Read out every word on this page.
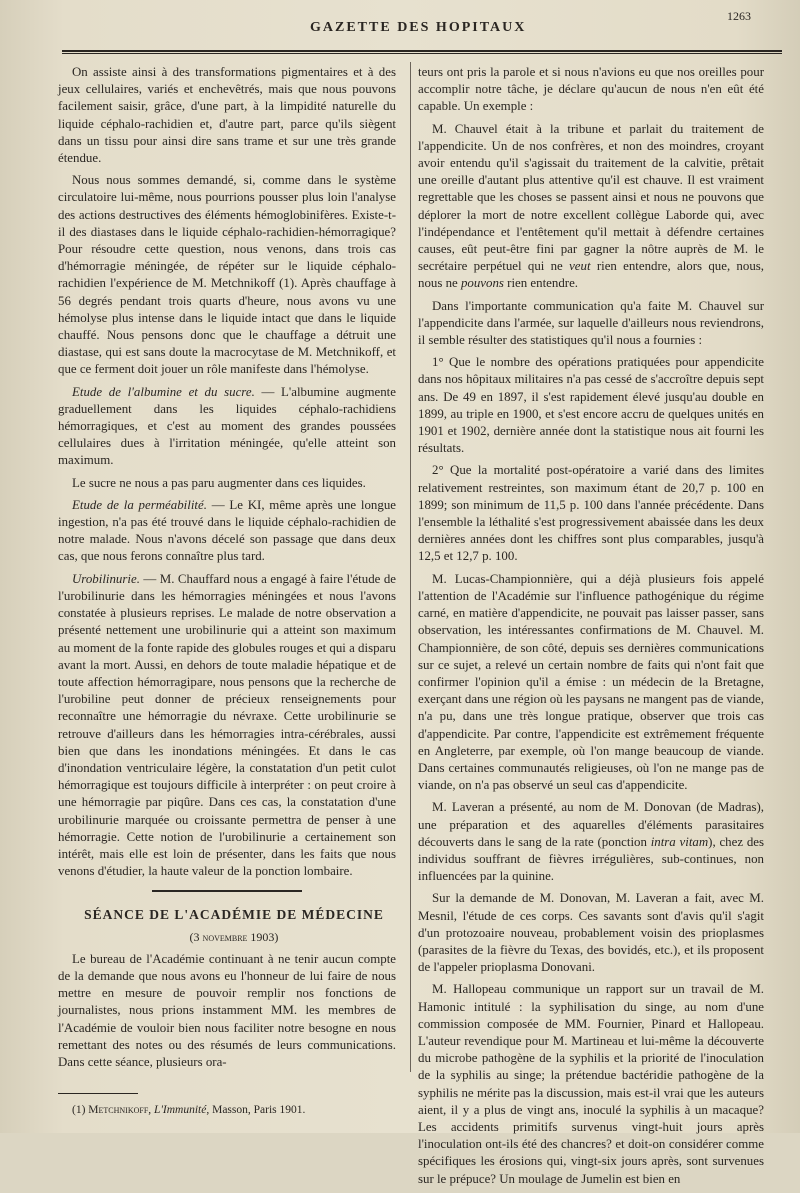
GAZETTE DES HOPITAUX
1263

On assiste ainsi à des transformations pigmentaires et à des jeux cellulaires, variés et enchevêtrés, mais que nous pouvons facilement saisir, grâce, d'une part, à la limpidité naturelle du liquide céphalo-rachidien et, d'autre part, parce qu'ils siègent dans un tissu pour ainsi dire sans trame et sur une très grande étendue.

Nous nous sommes demandé, si, comme dans le système circulatoire lui-même, nous pourrions pousser plus loin l'analyse des actions destructives des éléments hémoglobinifères. Existe-t-il des diastases dans le liquide céphalo-rachidien-hémorragique? Pour résoudre cette question, nous venons, dans trois cas d'hémorragie méningée, de répéter sur le liquide céphalo-rachidien l'expérience de M. Metchnikoff (1). Après chauffage à 56 degrés pendant trois quarts d'heure, nous avons vu une hémolyse plus intense dans le liquide intact que dans le liquide chauffé. Nous pensons donc que le chauffage a détruit une diastase, qui est sans doute la macrocytase de M. Metchnikoff, et que ce ferment doit jouer un rôle manifeste dans l'hémolyse.

Etude de l'albumine et du sucre. — L'albumine augmente graduellement dans les liquides céphalo-rachidiens hémorragiques, et c'est au moment des grandes poussées cellulaires dues à l'irritation méningée, qu'elle atteint son maximum.

Le sucre ne nous a pas paru augmenter dans ces liquides.

Etude de la perméabilité. — Le KI, même après une longue ingestion, n'a pas été trouvé dans le liquide céphalo-rachidien de notre malade. Nous n'avons décelé son passage que dans deux cas, que nous ferons connaître plus tard.

Urobilinurie. — M. Chauffard nous a engagé à faire l'étude de l'urobilinurie dans les hémorragies méningées et nous l'avons constatée à plusieurs reprises. Le malade de notre observation a présenté nettement une urobilinurie qui a atteint son maximum au moment de la fonte rapide des globules rouges et qui a disparu avant la mort. Aussi, en dehors de toute maladie hépatique et de toute affection hémorragipare, nous pensons que la recherche de l'urobiline peut donner de précieux renseignements pour reconnaître une hémorragie du névraxe. Cette urobilinurie se retrouve d'ailleurs dans les hémorragies intra-cérébrales, aussi bien que dans les inondations méningées. Et dans le cas d'inondation ventriculaire légère, la constatation d'un petit culot hémorragique est toujours difficile à interpréter : on peut croire à une hémorragie par piqûre. Dans ces cas, la constatation d'une urobilinurie marquée ou croissante permettra de penser à une hémorragie. Cette notion de l'urobilinurie a certainement son intérêt, mais elle est loin de présenter, dans les faits que nous venons d'étudier, la haute valeur de la ponction lombaire.

SÉANCE DE L'ACADÉMIE DE MÉDECINE

(3 novembre 1903)

Le bureau de l'Académie continuant à ne tenir aucun compte de la demande que nous avons eu l'honneur de lui faire de nous mettre en mesure de pouvoir remplir nos fonctions de journalistes, nous prions instamment MM. les membres de l'Académie de vouloir bien nous faciliter notre besogne en nous remettant des notes ou des résumés de leurs communications. Dans cette séance, plusieurs ora-

(1) Metchnikoff, L'Immunité, Masson, Paris 1901.

teurs ont pris la parole et si nous n'avions eu que nos oreilles pour accomplir notre tâche, je déclare qu'aucun de nous n'en eût été capable. Un exemple :

M. Chauvel était à la tribune et parlait du traitement de l'appendicite. Un de nos confrères, et non des moindres, croyant avoir entendu qu'il s'agissait du traitement de la calvitie, prêtait une oreille d'autant plus attentive qu'il est chauve. Il est vraiment regrettable que les choses se passent ainsi et nous ne pouvons que déplorer la mort de notre excellent collègue Laborde qui, avec l'indépendance et l'entêtement qu'il mettait à défendre certaines causes, eût peut-être fini par gagner la nôtre auprès de M. le secrétaire perpétuel qui ne veut rien entendre, alors que, nous, nous ne pouvons rien entendre.

Dans l'importante communication qu'a faite M. Chauvel sur l'appendicite dans l'armée, sur laquelle d'ailleurs nous reviendrons, il semble résulter des statistiques qu'il nous a fournies :

1° Que le nombre des opérations pratiquées pour appendicite dans nos hôpitaux militaires n'a pas cessé de s'accroître depuis sept ans. De 49 en 1897, il s'est rapidement élevé jusqu'au double en 1899, au triple en 1900, et s'est encore accru de quelques unités en 1901 et 1902, dernière année dont la statistique nous ait fourni les résultats.

2° Que la mortalité post-opératoire a varié dans des limites relativement restreintes, son maximum étant de 20,7 p. 100 en 1899; son minimum de 11,5 p. 100 dans l'année précédente. Dans l'ensemble la léthalité s'est progressivement abaissée dans les deux dernières années dont les chiffres sont plus comparables, jusqu'à 12,5 et 12,7 p. 100.

M. Lucas-Championnière, qui a déjà plusieurs fois appelé l'attention de l'Académie sur l'influence pathogénique du régime carné, en matière d'appendicite, ne pouvait pas laisser passer, sans observation, les intéressantes confirmations de M. Chauvel. M. Championnière, de son côté, depuis ses dernières communications sur ce sujet, a relevé un certain nombre de faits qui n'ont fait que confirmer l'opinion qu'il a émise : un médecin de la Bretagne, exerçant dans une région où les paysans ne mangent pas de viande, n'a pu, dans une très longue pratique, observer que trois cas d'appendicite. Par contre, l'appendicite est extrêmement fréquente en Angleterre, par exemple, où l'on mange beaucoup de viande. Dans certaines communautés religieuses, où l'on ne mange pas de viande, on n'a pas observé un seul cas d'appendicite.

M. Laveran a présenté, au nom de M. Donovan (de Madras), une préparation et des aquarelles d'éléments parasitaires découverts dans le sang de la rate (ponction intra vitam), chez des individus souffrant de fièvres irrégulières, sub-continues, non influencées par la quinine.

Sur la demande de M. Donovan, M. Laveran a fait, avec M. Mesnil, l'étude de ces corps. Ces savants sont d'avis qu'il s'agit d'un protozoaire nouveau, probablement voisin des prioplasmes (parasites de la fièvre du Texas, des bovidés, etc.), et ils proposent de l'appeler prioplasma Donovani.

M. Hallopeau communique un rapport sur un travail de M. Hamonic intitulé : la syphilisation du singe, au nom d'une commission composée de MM. Fournier, Pinard et Hallopeau. L'auteur revendique pour M. Martineau et lui-même la découverte du microbe pathogène de la syphilis et la priorité de l'inoculation de la syphilis au singe; la prétendue bactéridie pathogène de la syphilis ne mérite pas la discussion, mais est-il vrai que les auteurs aient, il y a plus de vingt ans, inoculé la syphilis à un macaque? Les accidents primitifs survenus vingt-huit jours après l'inoculation ont-ils été des chancres? et doit-on considérer comme spécifiques les érosions qui, vingt-six jours après, sont survenues sur le prépuce? Un moulage de Jumelin est bien en
